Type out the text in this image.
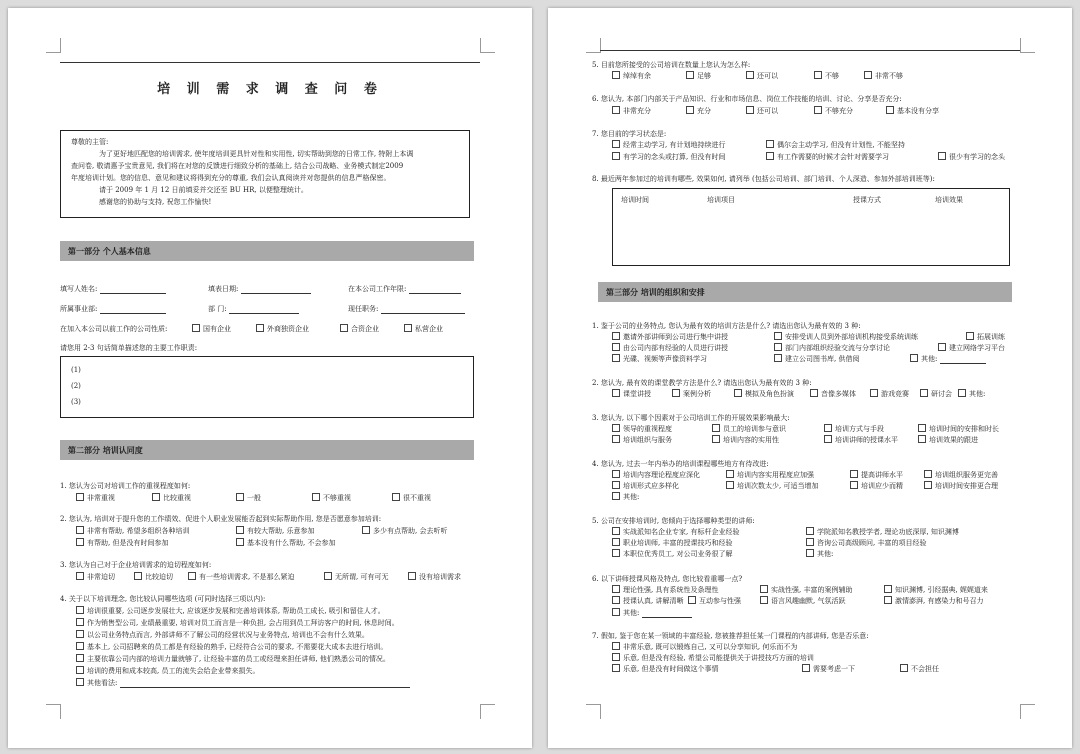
培 训 需 求 调 查 问 卷

尊敬的主管:

为了更好地匹配您的培训需求, 使年度培训更具针对性和实用性, 切实帮助到您的日常工作, 特附上本调

查问卷, 敬请惠予宝贵意见, 我们将在对您的反馈进行细致分析的基础上, 结合公司战略、业务模式制定2009

年度培训计划。您的信息、意见和建议将得到充分的尊重, 我们会认真阅读并对您提供的信息严格保密。

请于 2009 年 1 月 12 日前填妥并交还至 BU HR, 以便整理统计。

感谢您的协助与支持, 祝您工作愉快!

第一部分 个人基本信息
填写人姓名:	填表日期:	在本公司工作年限:
所属事业部:	部 门:	现任职务:
在加入本公司以前工作的公司性质:	国有企业	外商独资企业	合资企业	私营企业
请您用 2-3 句话简单描述您的主要工作职责:
(1)
(2)
(3)
第二部分 培训认同度
1. 您认为公司对培训工作的重视程度如何:
非常重视	比较重视	一般	不够重视	很不重视
2. 您认为, 培训对于提升您的工作绩效、促进个人职业发展能否起到实际帮助作用, 您是否愿意参加培训:
非常有帮助, 希望多组织各种培训	有较大帮助, 乐意参加	多少有点帮助, 会去听听
有帮助, 但是没有时间参加	基本没有什么帮助, 不会参加
3. 您认为自己对于企业培训需求的迫切程度如何:
非常迫切	比较迫切	有一些培训需求, 不是那么紧迫	无所谓, 可有可无	没有培训需求
4. 关于以下培训理念, 您比较认同哪些选项 (可同时选择三项以内):
培训很重要, 公司逐步发展壮大, 应该逐步发展和完善培训体系, 帮助员工成长, 吸引和留住人才。
作为销售型公司, 业绩最重要, 培训对员工而言是一种负担, 会占用到员工拜访客户的时间, 休息时间。
以公司业务特点而言, 外部讲师不了解公司的经营状况与业务特点, 培训也不会有什么效果。
基本上, 公司招聘来的员工都是有经验的熟手, 已经符合公司的要求, 不需要花大成本去进行培训。
主要依靠公司内部的培训力量就够了, 让经验丰富的员工或经理来担任讲师, 他们熟悉公司的情况。
培训的费用和成本较高, 员工的流失会给企业带来损失。
其他看法:
5. 目前您所接受的公司培训在数量上您认为怎么样:
绰绰有余	足够	还可以	不够	非常不够
6. 您认为, 本部门内部关于产品知识、行业和市场信息、岗位工作技能的培训、讨论、分享是否充分:
非常充分	充分	还可以	不够充分	基本没有分享
7. 您目前的学习状态是:
经常主动学习, 有计划地持续进行	偶尔会主动学习, 但没有计划性, 不能坚持
有学习的念头或打算, 但没有时间	有工作需要的时候才会针对需要学习	很少有学习的念头
8. 最近两年参加过的培训有哪些, 效果如何, 请列举 (包括公司培训、部门培训、个人深造、参加外部培训班等):
培训时间	培训项目	授课方式	培训效果
第三部分 培训的组织和安排
1. 鉴于公司的业务特点, 您认为最有效的培训方法是什么? 请选出您认为最有效的 3 种:
邀请外部讲师到公司进行集中讲授	安排受训人员到外部培训机构接受系统训练	拓展训练
由公司内部有经验的人员进行讲授	部门内部组织经验交流与分享讨论	建立网络学习平台
光碟、视频等声像资料学习	建立公司图书库, 供借阅	其他:
2. 您认为, 最有效的课堂教学方法是什么? 请选出您认为最有效的 3 种:
课堂讲授	案例分析	模拟及角色扮演	音像多媒体	游戏竞赛	研讨会	其他:
3. 您认为, 以下哪个因素对于公司培训工作的开展效果影响最大:
领导的重视程度	员工的培训参与意识	培训方式与手段	培训时间的安排和时长
培训组织与服务	培训内容的实用性	培训讲师的授课水平	培训效果的跟进
4. 您认为, 过去一年内举办的培训课程哪些地方有待改进:
培训内容理论程度应深化	培训内容实用程度应加强	提高讲师水平	培训组织服务更完善
培训形式应多样化	培训次数太少, 可适当增加	培训应少而精	培训时间安排更合理
其他:
5. 公司在安排培训时, 您倾向于选择哪种类型的讲师:
实战派知名企业专家, 有标杆企业经验	学院派知名教授学者, 理论功底深厚, 知识渊博
职业培训师, 丰富的授课技巧和经验	咨询公司高级顾问, 丰富的项目经验
本职位优秀员工, 对公司业务很了解	其他:
6. 以下讲师授课风格及特点, 您比较看重哪一点?
理论性强, 具有系统性及条理性	实战性强, 丰富的案例辅助	知识渊博, 引经据典, 娓娓道来
授课认真, 讲解清晰	互动参与性强	语言风趣幽默, 气氛活跃	激情澎湃, 有感染力和号召力
其他:
7. 假如, 鉴于您在某一领域的丰富经验, 您被推荐担任某一门课程的内部讲师, 您是否乐意:
非常乐意, 既可以锻炼自己, 又可以分享知识, 何乐而不为
乐意, 但是没有经验, 希望公司能提供关于讲授技巧方面的培训
乐意, 但是没有时间做这个事情	需要考虑一下	不会担任
